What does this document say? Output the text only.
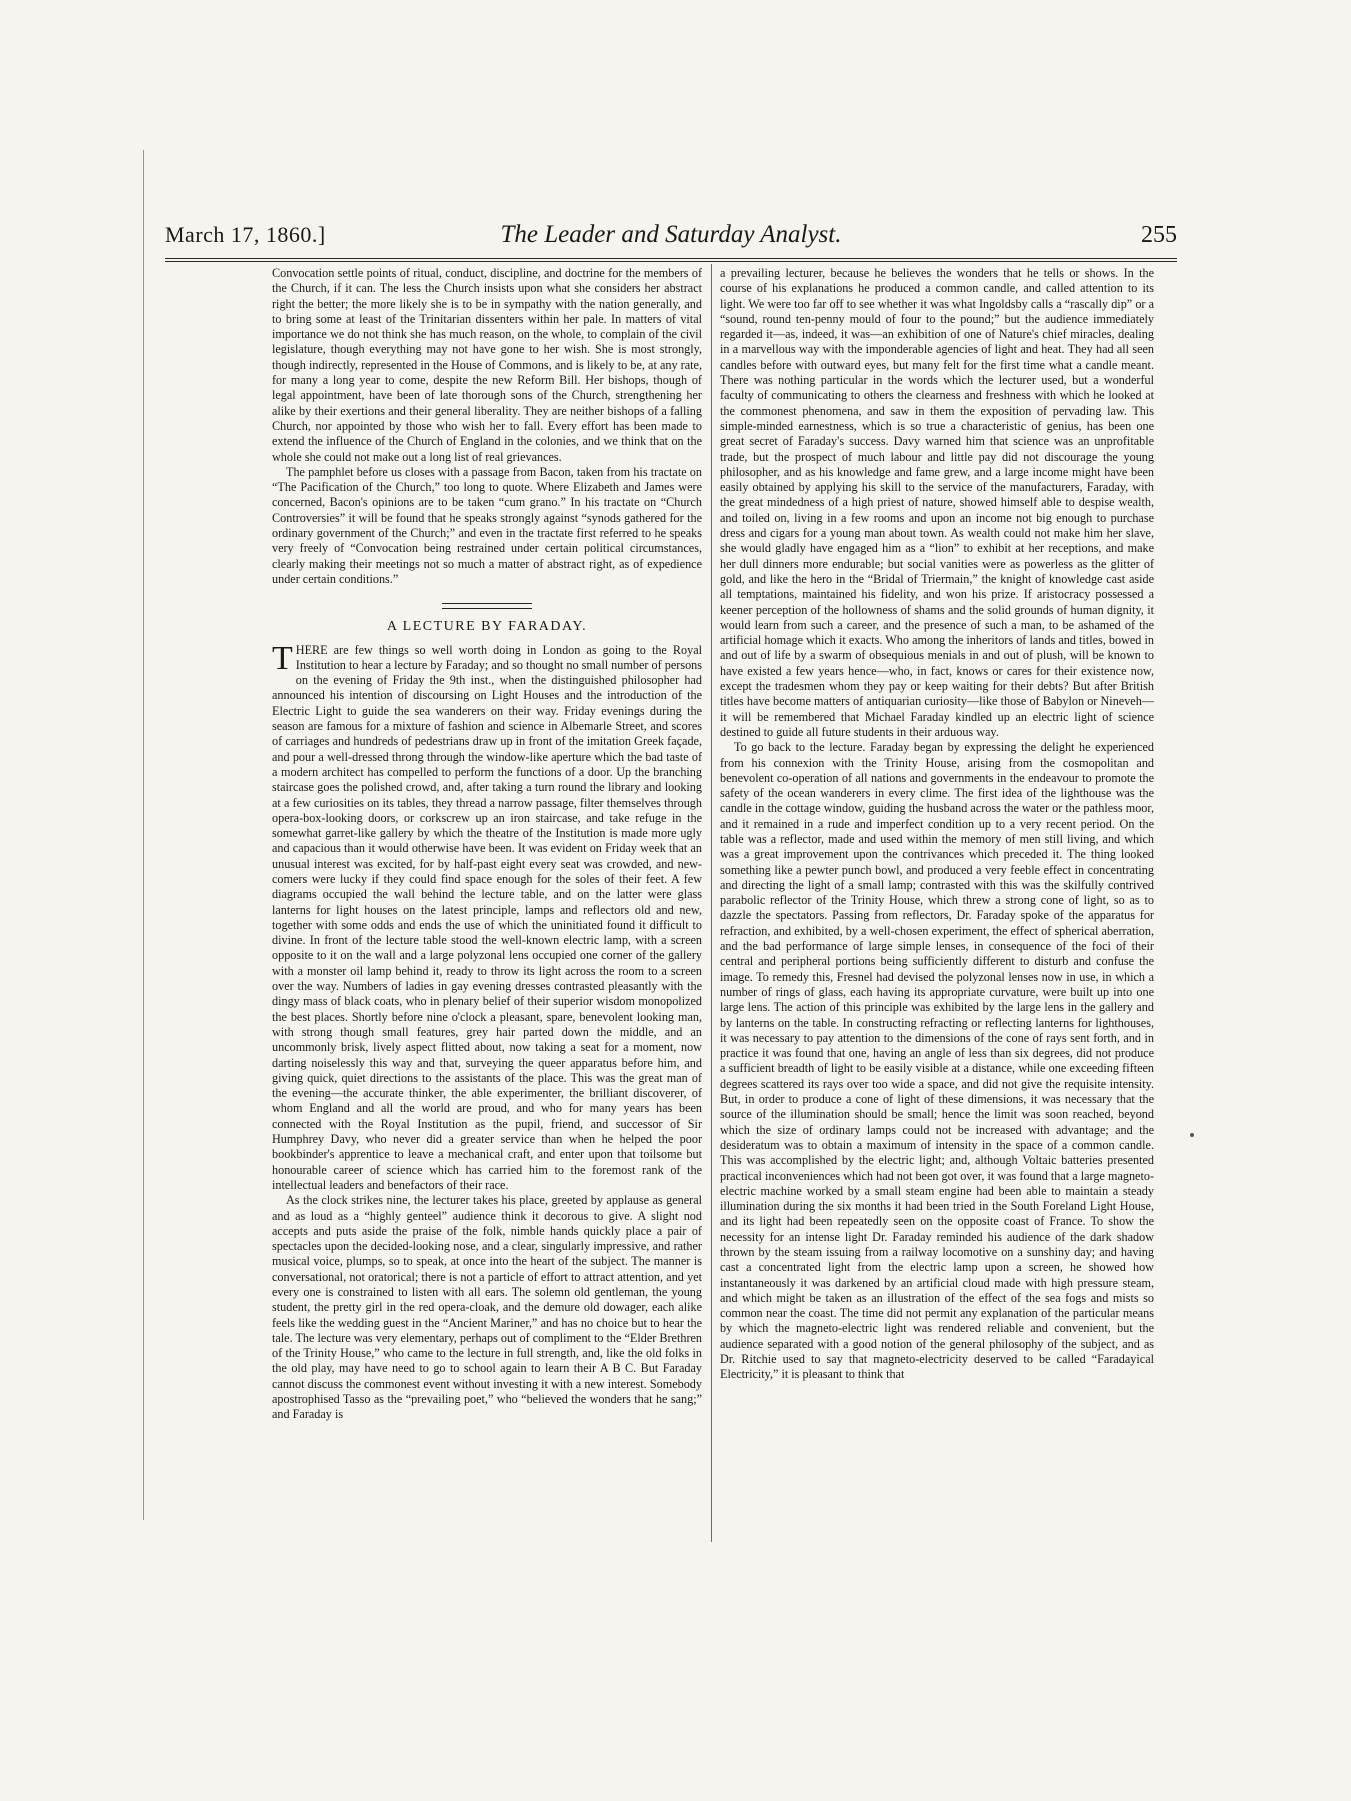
March 17, 1860.]	The Leader and Saturday Analyst.	255

Convocation settle points of ritual, conduct, discipline, and doctrine for the members of the Church, if it can. The less the Church insists upon what she considers her abstract right the better; the more likely she is to be in sympathy with the nation generally, and to bring some at least of the Trinitarian dissenters within her pale. In matters of vital importance we do not think she has much reason, on the whole, to complain of the civil legislature, though everything may not have gone to her wish. She is most strongly, though indirectly, represented in the House of Commons, and is likely to be, at any rate, for many a long year to come, despite the new Reform Bill. Her bishops, though of legal appointment, have been of late thorough sons of the Church, strengthening her alike by their exertions and their general liberality. They are neither bishops of a falling Church, nor appointed by those who wish her to fall. Every effort has been made to extend the influence of the Church of England in the colonies, and we think that on the whole she could not make out a long list of real grievances.

The pamphlet before us closes with a passage from Bacon, taken from his tractate on “The Pacification of the Church,” too long to quote. Where Elizabeth and James were concerned, Bacon's opinions are to be taken “cum grano.” In his tractate on “Church Controversies” it will be found that he speaks strongly against “synods gathered for the ordinary government of the Church;” and even in the tractate first referred to he speaks very freely of “Convocation being restrained under certain political circumstances, clearly making their meetings not so much a matter of abstract right, as of expedience under certain conditions.”

A LECTURE BY FARADAY.

THERE are few things so well worth doing in London as going to the Royal Institution to hear a lecture by Faraday; and so thought no small number of persons on the evening of Friday the 9th inst., when the distinguished philosopher had announced his intention of discoursing on Light Houses and the introduction of the Electric Light to guide the sea wanderers on their way. Friday evenings during the season are famous for a mixture of fashion and science in Albemarle Street, and scores of carriages and hundreds of pedestrians draw up in front of the imitation Greek façade, and pour a well-dressed throng through the window-like aperture which the bad taste of a modern architect has compelled to perform the functions of a door. Up the branching staircase goes the polished crowd, and, after taking a turn round the library and looking at a few curiosities on its tables, they thread a narrow passage, filter themselves through opera-box-looking doors, or corkscrew up an iron staircase, and take refuge in the somewhat garret-like gallery by which the theatre of the Institution is made more ugly and capacious than it would otherwise have been. It was evident on Friday week that an unusual interest was excited, for by half-past eight every seat was crowded, and new-comers were lucky if they could find space enough for the soles of their feet. A few diagrams occupied the wall behind the lecture table, and on the latter were glass lanterns for light houses on the latest principle, lamps and reflectors old and new, together with some odds and ends the use of which the uninitiated found it difficult to divine. In front of the lecture table stood the well-known electric lamp, with a screen opposite to it on the wall and a large polyzonal lens occupied one corner of the gallery with a monster oil lamp behind it, ready to throw its light across the room to a screen over the way. Numbers of ladies in gay evening dresses contrasted pleasantly with the dingy mass of black coats, who in plenary belief of their superior wisdom monopolized the best places. Shortly before nine o'clock a pleasant, spare, benevolent looking man, with strong though small features, grey hair parted down the middle, and an uncommonly brisk, lively aspect flitted about, now taking a seat for a moment, now darting noiselessly this way and that, surveying the queer apparatus before him, and giving quick, quiet directions to the assistants of the place. This was the great man of the evening—the accurate thinker, the able experimenter, the brilliant discoverer, of whom England and all the world are proud, and who for many years has been connected with the Royal Institution as the pupil, friend, and successor of Sir Humphrey Davy, who never did a greater service than when he helped the poor bookbinder's apprentice to leave a mechanical craft, and enter upon that toilsome but honourable career of science which has carried him to the foremost rank of the intellectual leaders and benefactors of their race.

As the clock strikes nine, the lecturer takes his place, greeted by applause as general and as loud as a “highly genteel” audience think it decorous to give. A slight nod accepts and puts aside the praise of the folk, nimble hands quickly place a pair of spectacles upon the decided-looking nose, and a clear, singularly impressive, and rather musical voice, plumps, so to speak, at once into the heart of the subject. The manner is conversational, not oratorical; there is not a particle of effort to attract attention, and yet every one is constrained to listen with all ears. The solemn old gentleman, the young student, the pretty girl in the red opera-cloak, and the demure old dowager, each alike feels like the wedding guest in the “Ancient Mariner,” and has no choice but to hear the tale. The lecture was very elementary, perhaps out of compliment to the “Elder Brethren of the Trinity House,” who came to the lecture in full strength, and, like the old folks in the old play, may have need to go to school again to learn their A B C. But Faraday cannot discuss the commonest event without investing it with a new interest. Somebody apostrophised Tasso as the “prevailing poet,” who “believed the wonders that he sang;” and Faraday is

a prevailing lecturer, because he believes the wonders that he tells or shows. In the course of his explanations he produced a common candle, and called attention to its light. We were too far off to see whether it was what Ingoldsby calls a “rascally dip” or a “sound, round ten-penny mould of four to the pound;” but the audience immediately regarded it—as, indeed, it was—an exhibition of one of Nature's chief miracles, dealing in a marvellous way with the imponderable agencies of light and heat. They had all seen candles before with outward eyes, but many felt for the first time what a candle meant. There was nothing particular in the words which the lecturer used, but a wonderful faculty of communicating to others the clearness and freshness with which he looked at the commonest phenomena, and saw in them the exposition of pervading law. This simple-minded earnestness, which is so true a characteristic of genius, has been one great secret of Faraday's success. Davy warned him that science was an unprofitable trade, but the prospect of much labour and little pay did not discourage the young philosopher, and as his knowledge and fame grew, and a large income might have been easily obtained by applying his skill to the service of the manufacturers, Faraday, with the great mindedness of a high priest of nature, showed himself able to despise wealth, and toiled on, living in a few rooms and upon an income not big enough to purchase dress and cigars for a young man about town. As wealth could not make him her slave, she would gladly have engaged him as a “lion” to exhibit at her receptions, and make her dull dinners more endurable; but social vanities were as powerless as the glitter of gold, and like the hero in the “Bridal of Triermain,” the knight of knowledge cast aside all temptations, maintained his fidelity, and won his prize. If aristocracy possessed a keener perception of the hollowness of shams and the solid grounds of human dignity, it would learn from such a career, and the presence of such a man, to be ashamed of the artificial homage which it exacts. Who among the inheritors of lands and titles, bowed in and out of life by a swarm of obsequious menials in and out of plush, will be known to have existed a few years hence—who, in fact, knows or cares for their existence now, except the tradesmen whom they pay or keep waiting for their debts? But after British titles have become matters of antiquarian curiosity—like those of Babylon or Nineveh—it will be remembered that Michael Faraday kindled up an electric light of science destined to guide all future students in their arduous way.

To go back to the lecture. Faraday began by expressing the delight he experienced from his connexion with the Trinity House, arising from the cosmopolitan and benevolent co-operation of all nations and governments in the endeavour to promote the safety of the ocean wanderers in every clime. The first idea of the lighthouse was the candle in the cottage window, guiding the husband across the water or the pathless moor, and it remained in a rude and imperfect condition up to a very recent period. On the table was a reflector, made and used within the memory of men still living, and which was a great improvement upon the contrivances which preceded it. The thing looked something like a pewter punch bowl, and produced a very feeble effect in concentrating and directing the light of a small lamp; contrasted with this was the skilfully contrived parabolic reflector of the Trinity House, which threw a strong cone of light, so as to dazzle the spectators. Passing from reflectors, Dr. Faraday spoke of the apparatus for refraction, and exhibited, by a well-chosen experiment, the effect of spherical aberration, and the bad performance of large simple lenses, in consequence of the foci of their central and peripheral portions being sufficiently different to disturb and confuse the image. To remedy this, Fresnel had devised the polyzonal lenses now in use, in which a number of rings of glass, each having its appropriate curvature, were built up into one large lens. The action of this principle was exhibited by the large lens in the gallery and by lanterns on the table. In constructing refracting or reflecting lanterns for lighthouses, it was necessary to pay attention to the dimensions of the cone of rays sent forth, and in practice it was found that one, having an angle of less than six degrees, did not produce a sufficient breadth of light to be easily visible at a distance, while one exceeding fifteen degrees scattered its rays over too wide a space, and did not give the requisite intensity. But, in order to produce a cone of light of these dimensions, it was necessary that the source of the illumination should be small; hence the limit was soon reached, beyond which the size of ordinary lamps could not be increased with advantage; and the desideratum was to obtain a maximum of intensity in the space of a common candle. This was accomplished by the electric light; and, although Voltaic batteries presented practical inconveniences which had not been got over, it was found that a large magneto-electric machine worked by a small steam engine had been able to maintain a steady illumination during the six months it had been tried in the South Foreland Light House, and its light had been repeatedly seen on the opposite coast of France. To show the necessity for an intense light Dr. Faraday reminded his audience of the dark shadow thrown by the steam issuing from a railway locomotive on a sunshiny day; and having cast a concentrated light from the electric lamp upon a screen, he showed how instantaneously it was darkened by an artificial cloud made with high pressure steam, and which might be taken as an illustration of the effect of the sea fogs and mists so common near the coast. The time did not permit any explanation of the particular means by which the magneto-electric light was rendered reliable and convenient, but the audience separated with a good notion of the general philosophy of the subject, and as Dr. Ritchie used to say that magneto-electricity deserved to be called “Faradayical Electricity,” it is pleasant to think that
